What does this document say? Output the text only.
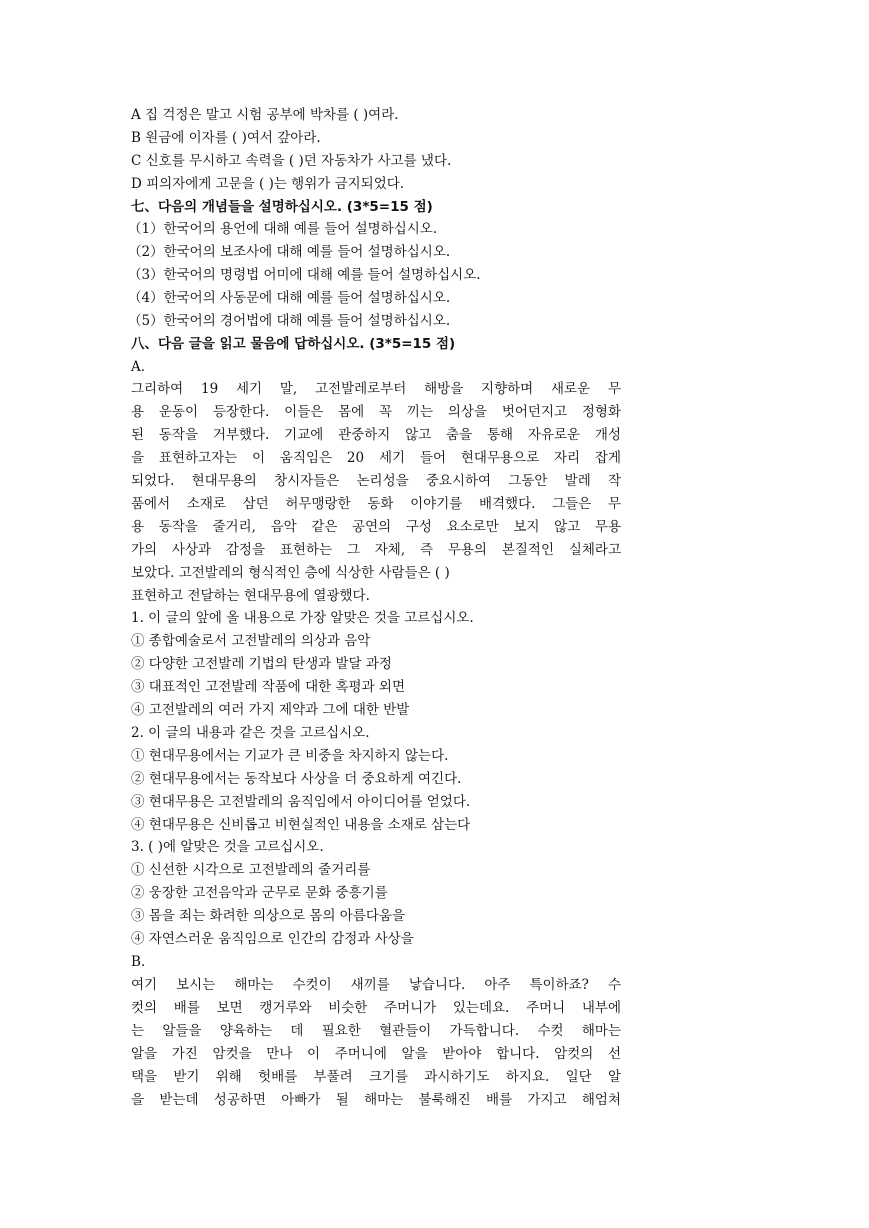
A 집 걱정은 말고 시험 공부에 박차를 ( )여라.
B 원금에 이자를 ( )여서 갚아라.
C 신호를 무시하고 속력을 ( )던 자동차가 사고를 냈다.
D 피의자에게 고문을 ( )는 행위가 금지되었다.
七、다음의 개념들을 설명하십시오. (3*5=15 점)
（1）한국어의 용언에 대해 예를 들어 설명하십시오.
（2）한국어의 보조사에 대해 예를 들어 설명하십시오.
（3）한국어의 명령법 어미에 대해 예를 들어 설명하십시오.
（4）한국어의 사동문에 대해 예를 들어 설명하십시오.
（5）한국어의 경어법에 대해 예를 들어 설명하십시오.
八、다음 글을 읽고 물음에 답하십시오. (3*5=15 점)
A.
그리하여 19 세기 말, 고전발레로부터 해방을 지향하며 새로운 무
용 운동이 등장한다. 이들은 몸에 꼭 끼는 의상을 벗어던지고 정형화
된 동작을 거부했다. 기교에 관중하지 않고 춤을 통해 자유로운 개성
을 표현하고자는 이 움직임은 20 세기 들어 현대무용으로 자리 잡게
되었다. 현대무용의 창시자들은 논리성을 중요시하여 그동안 발레 작
품에서 소재로 삼던 허무맹랑한 동화 이야기를 배격했다. 그들은 무
용 동작을 줄거리, 음악 같은 공연의 구성 요소로만 보지 않고 무용
가의 사상과 감정을 표현하는 그 자체, 즉 무용의 본질적인 실체라고
보았다. 고전발레의 형식적인 층에 식상한 사람들은 ( )
표현하고 전달하는 현대무용에 열광했다.
1. 이 글의 앞에 올 내용으로 가장 알맞은 것을 고르십시오.
① 종합예술로서 고전발레의 의상과 음악
② 다양한 고전발레 기법의 탄생과 발달 과정
③ 대표적인 고전발레 작품에 대한 혹평과 외면
④ 고전발레의 여러 가지 제약과 그에 대한 반발
2. 이 글의 내용과 같은 것을 고르십시오.
① 현대무용에서는 기교가 큰 비중을 차지하지 않는다.
② 현대무용에서는 동작보다 사상을 더 중요하게 여긴다.
③ 현대무용은 고전발레의 움직임에서 아이디어를 얻었다.
④ 현대무용은 신비롭고 비현실적인 내용을 소재로 삼는다
3. ( )에 알맞은 것을 고르십시오.
① 신선한 시각으로 고전발레의 줄거리를
② 웅장한 고전음악과 군무로 문화 중흥기를
③ 몸을 죄는 화려한 의상으로 몸의 아름다움을
④ 자연스러운 움직임으로 인간의 감정과 사상을
B.
여기 보시는 해마는 수컷이 새끼를 낳습니다. 아주 특이하죠? 수
컷의 배를 보면 캥거루와 비슷한 주머니가 있는데요. 주머니 내부에
는 알들을 양육하는 데 필요한 혈관들이 가득합니다. 수컷 해마는
알을 가진 암컷을 만나 이 주머니에 알을 받아야 합니다. 암컷의 선
택을 받기 위해 헛배를 부풀려 크기를 과시하기도 하지요. 일단 알
을 받는데 성공하면 아빠가 될 해마는 불룩해진 배를 가지고 해엄쳐
